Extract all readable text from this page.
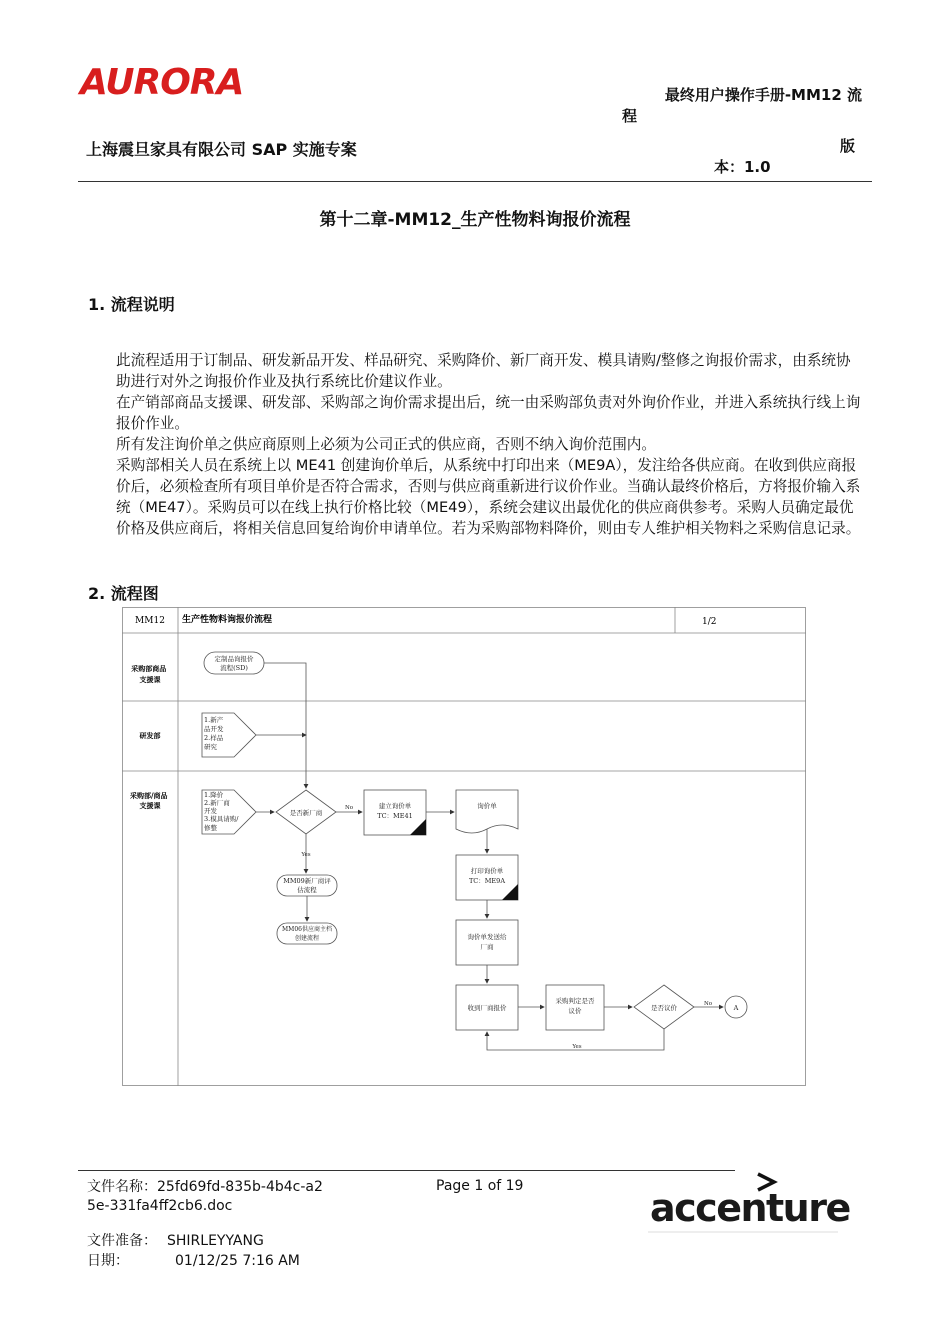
AURORA	最终用户操作手册-MM12 流
程
上海震旦家具有限公司 SAP 实施专案	版
本：1.0
第十二章-MM12_生产性物料询报价流程
1. 流程说明

此流程适用于订制品、研发新品开发、样品研究、采购降价、新厂商开发、模具请购/整修之询报价需求，由系统协助进行对外之询报价作业及执行系统比价建议作业。

在产销部商品支援课、研发部、采购部之询价需求提出后，统一由采购部负责对外询价作业，并进入系统执行线上询报价作业。

所有发注询价单之供应商原则上必须为公司正式的供应商，否则不纳入询价范围内。

采购部相关人员在系统上以 ME41 创建询价单后，从系统中打印出来（ME9A），发注给各供应商。在收到供应商报价后，必须检查所有项目单价是否符合需求，否则与供应商重新进行议价作业。当确认最终价格后，方将报价输入系统（ME47）。采购员可以在线上执行价格比较（ME49），系统会建议出最优化的供应商供参考。采购人员确定最优价格及供应商后，将相关信息回复给询价申请单位。若为采购部物料降价，则由专人维护相关物料之采购信息记录。

2. 流程图
MM12 生产性物料询报价流程	1/2
采购部商品 支援课
研发部
采购部/商品 支援课
定制品询报价流程(SD)
1.新产品开发 2.样品研究
1.降价 2.新厂商开发 3.模具请购/修整
是否新厂商
No
Yes
建立询价单 TC：ME41
询价单
打印询价单 TC：ME9A
询价单发送给厂商
MM09新厂商评估流程
MM06供应商主档创建流程
收到厂商报价
采购判定是否议价	是否议价	No
Yes
A
文件名称：25fd69fd-835b-4b4c-a25e-331fa4ff2cb6.doc
Page 1 of 19
文件准备： SHIRLEYYANG
日期：	01/12/25 7:16 AM
accenture
